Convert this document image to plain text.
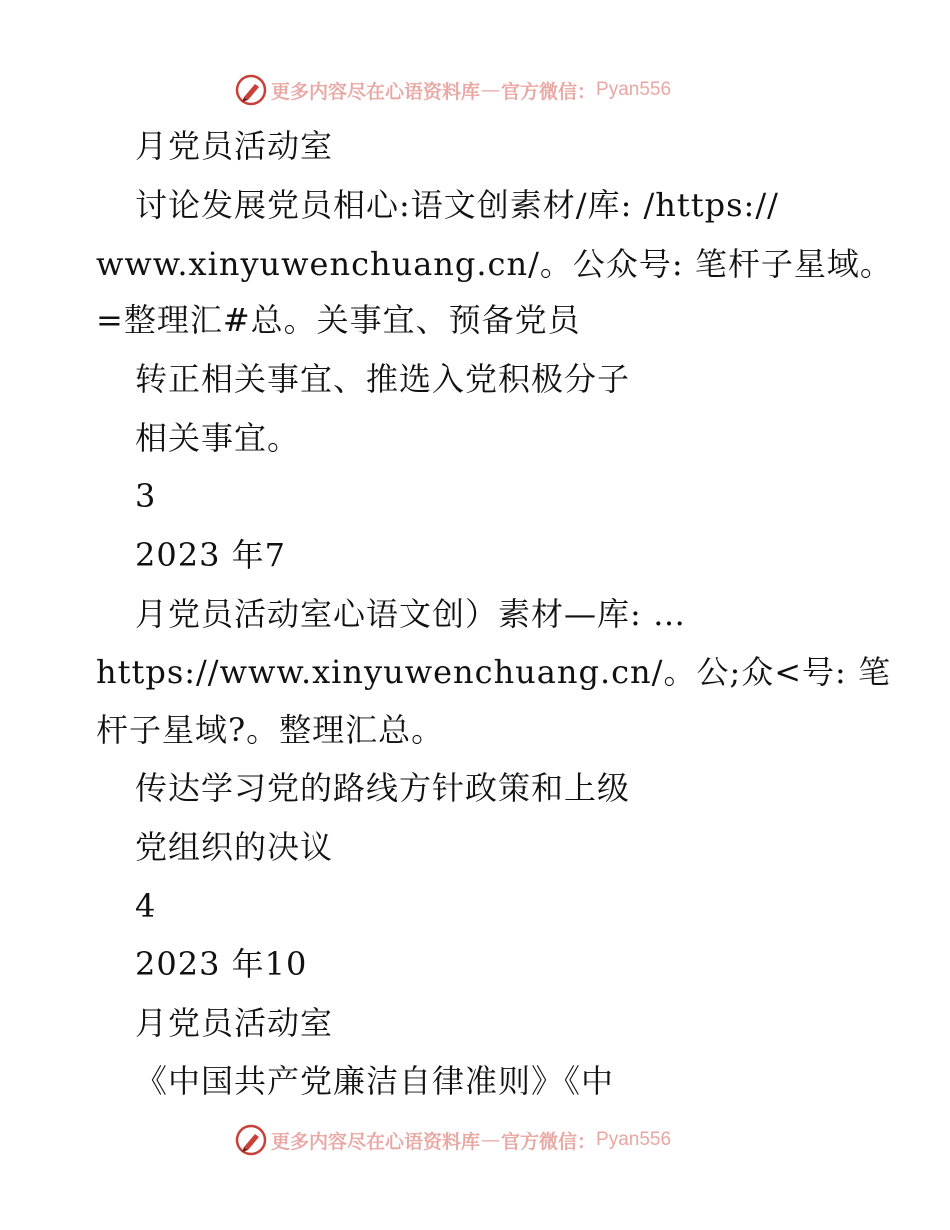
更多内容尽在心语资料库 — 官方微信： Pyan556
月党员活动室
讨论发展党员相心:语文创素材/库: /https://
www.xinyuwenchuang.cn/。公众号: 笔杆子星域。
=整理汇#总。关事宜、预备党员
转正相关事宜、推选入党积极分子
相关事宜。
3
2023 年7
月党员活动室心语文创）素材—库: …
https://www.xinyuwenchuang.cn/。公;众<号: 笔
杆子星域?。整理汇总。
传达学习党的路线方针政策和上级
党组织的决议
4
2023 年10
月党员活动室
《中国共产党廉洁自律准则》《中
更多内容尽在心语资料库 — 官方微信： Pyan556
